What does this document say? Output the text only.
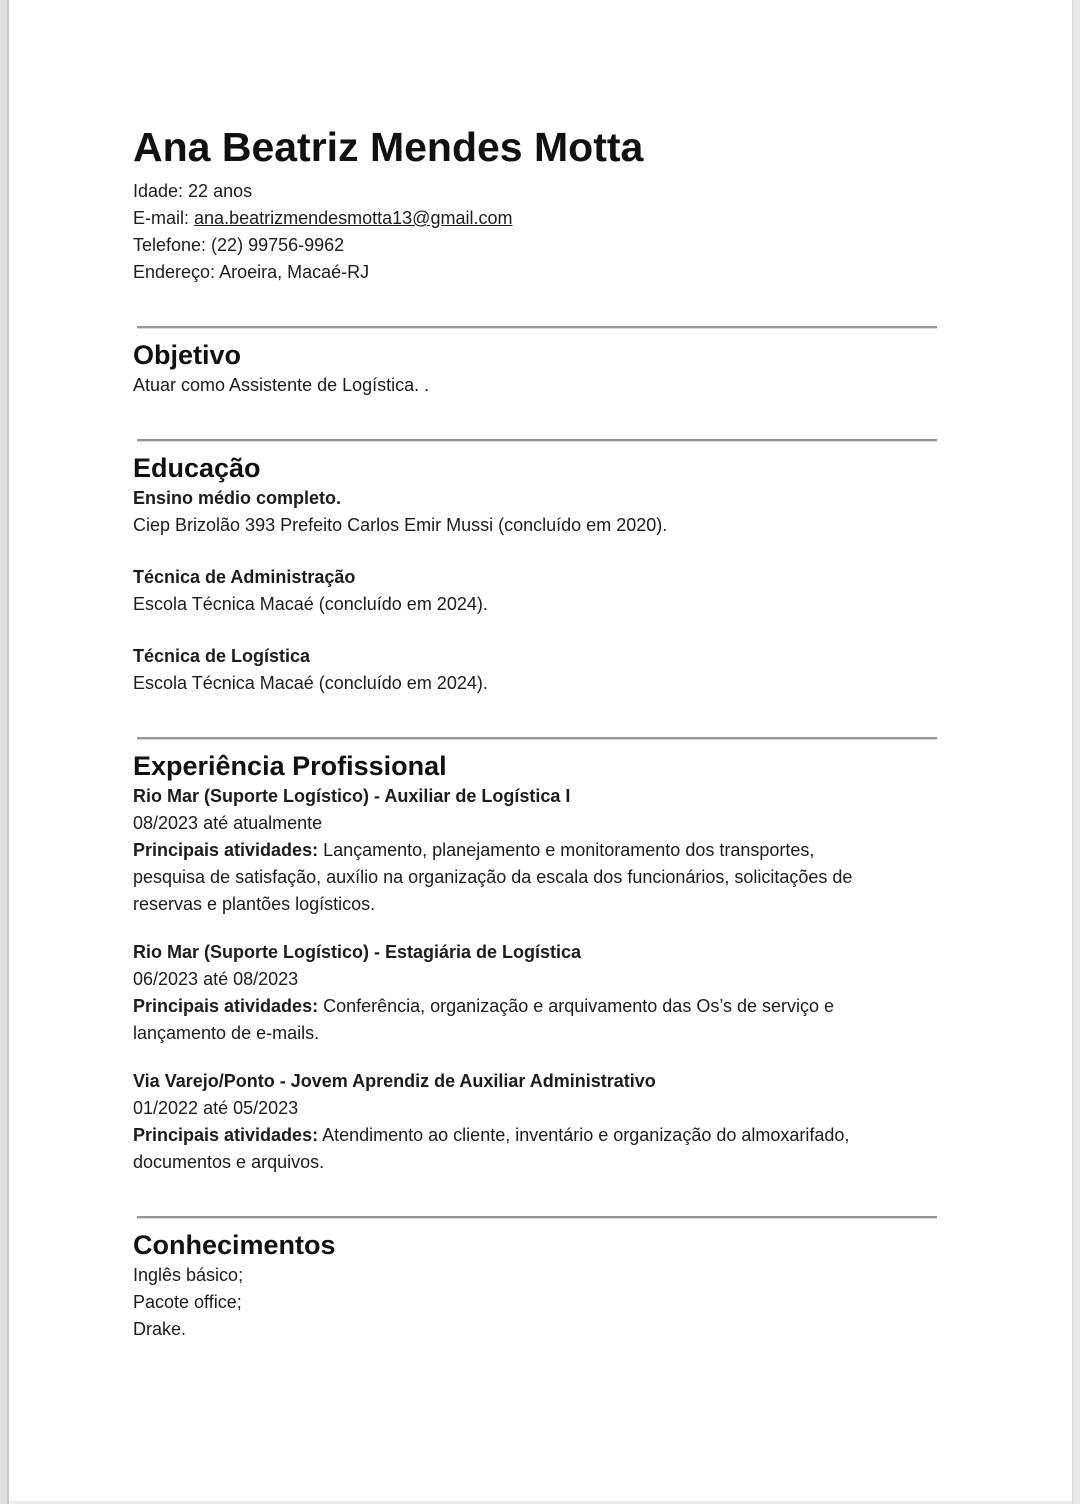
Ana Beatriz Mendes Motta
Idade: 22 anos
E-mail: ana.beatrizmendesmotta13@gmail.com
Telefone: (22) 99756-9962
Endereço: Aroeira, Macaé-RJ
Objetivo
Atuar como Assistente de Logística. .
Educação
Ensino médio completo.
Ciep Brizolão 393 Prefeito Carlos Emir Mussi (concluído em 2020).
Técnica de Administração
Escola Técnica Macaé (concluído em 2024).
Técnica de Logística
Escola Técnica Macaé (concluído em 2024).
Experiência Profissional
Rio Mar (Suporte Logístico) - Auxiliar de Logística I
08/2023 até atualmente
Principais atividades: Lançamento, planejamento e monitoramento dos transportes,
pesquisa de satisfação, auxílio na organização da escala dos funcionários, solicitações de
reservas e plantões logísticos.
Rio Mar (Suporte Logístico) - Estagiária de Logística
06/2023 até 08/2023
Principais atividades: Conferência, organização e arquivamento das Os’s de serviço e
lançamento de e-mails.
Via Varejo/Ponto - Jovem Aprendiz de Auxiliar Administrativo
01/2022 até 05/2023
Principais atividades: Atendimento ao cliente, inventário e organização do almoxarifado,
documentos e arquivos.
Conhecimentos
Inglês básico;
Pacote office;
Drake.
